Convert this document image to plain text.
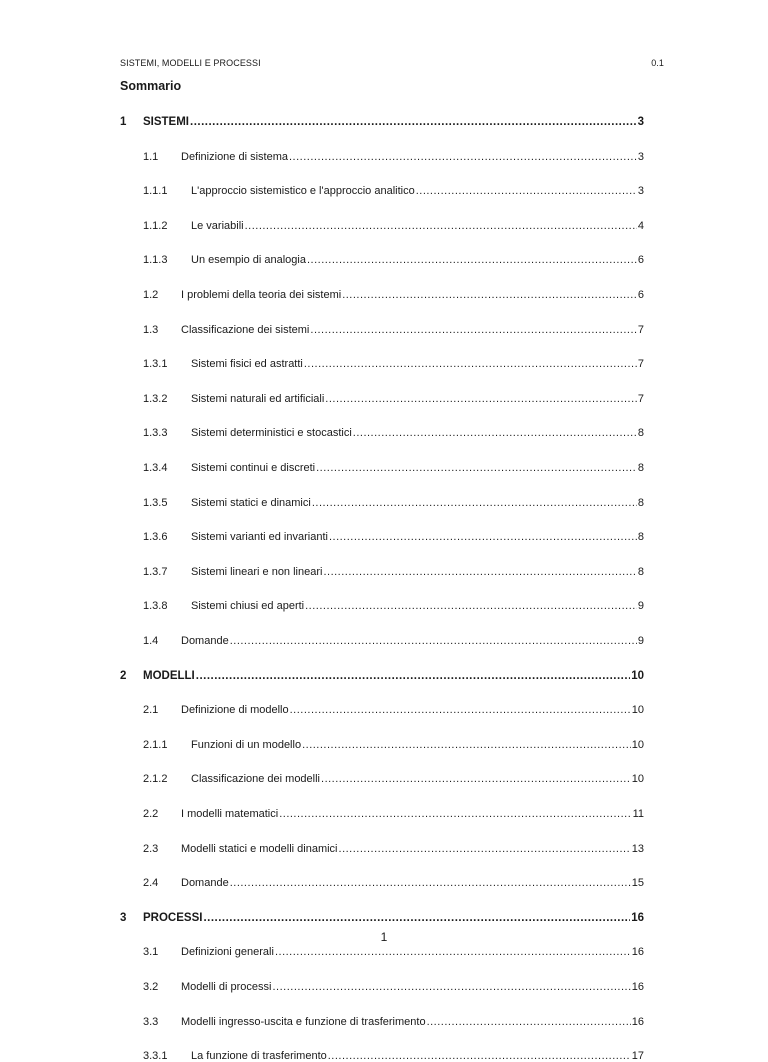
SISTEMI, MODELLI E PROCESSI	0.1
Sommario
1	SISTEMI .....	3
1.1	Definizione di sistema .....	3
1.1.1	L'approccio sistemistico e l'approccio analitico .....	3
1.1.2	Le variabili .....	4
1.1.3	Un esempio di analogia .....	6
1.2	I problemi della teoria dei sistemi .....	6
1.3	Classificazione dei sistemi .....	7
1.3.1	Sistemi fisici ed astratti .....	7
1.3.2	Sistemi naturali ed artificiali .....	7
1.3.3	Sistemi deterministici e stocastici .....	8
1.3.4	Sistemi continui e discreti .....	8
1.3.5	Sistemi statici e dinamici .....	8
1.3.6	Sistemi varianti ed invarianti .....	8
1.3.7	Sistemi lineari e non lineari .....	8
1.3.8	Sistemi chiusi ed aperti .....	9
1.4	Domande .....	9
2	MODELLI .....	10
2.1	Definizione di modello .....	10
2.1.1	Funzioni di un modello .....	10
2.1.2	Classificazione dei modelli .....	10
2.2	I modelli matematici .....	11
2.3	Modelli statici e modelli dinamici .....	13
2.4	Domande .....	15
3	PROCESSI .....	16
3.1	Definizioni generali .....	16
3.2	Modelli di processi .....	16
3.3	Modelli ingresso-uscita e funzione di trasferimento .....	16
3.3.1	La funzione di trasferimento .....	17
1
